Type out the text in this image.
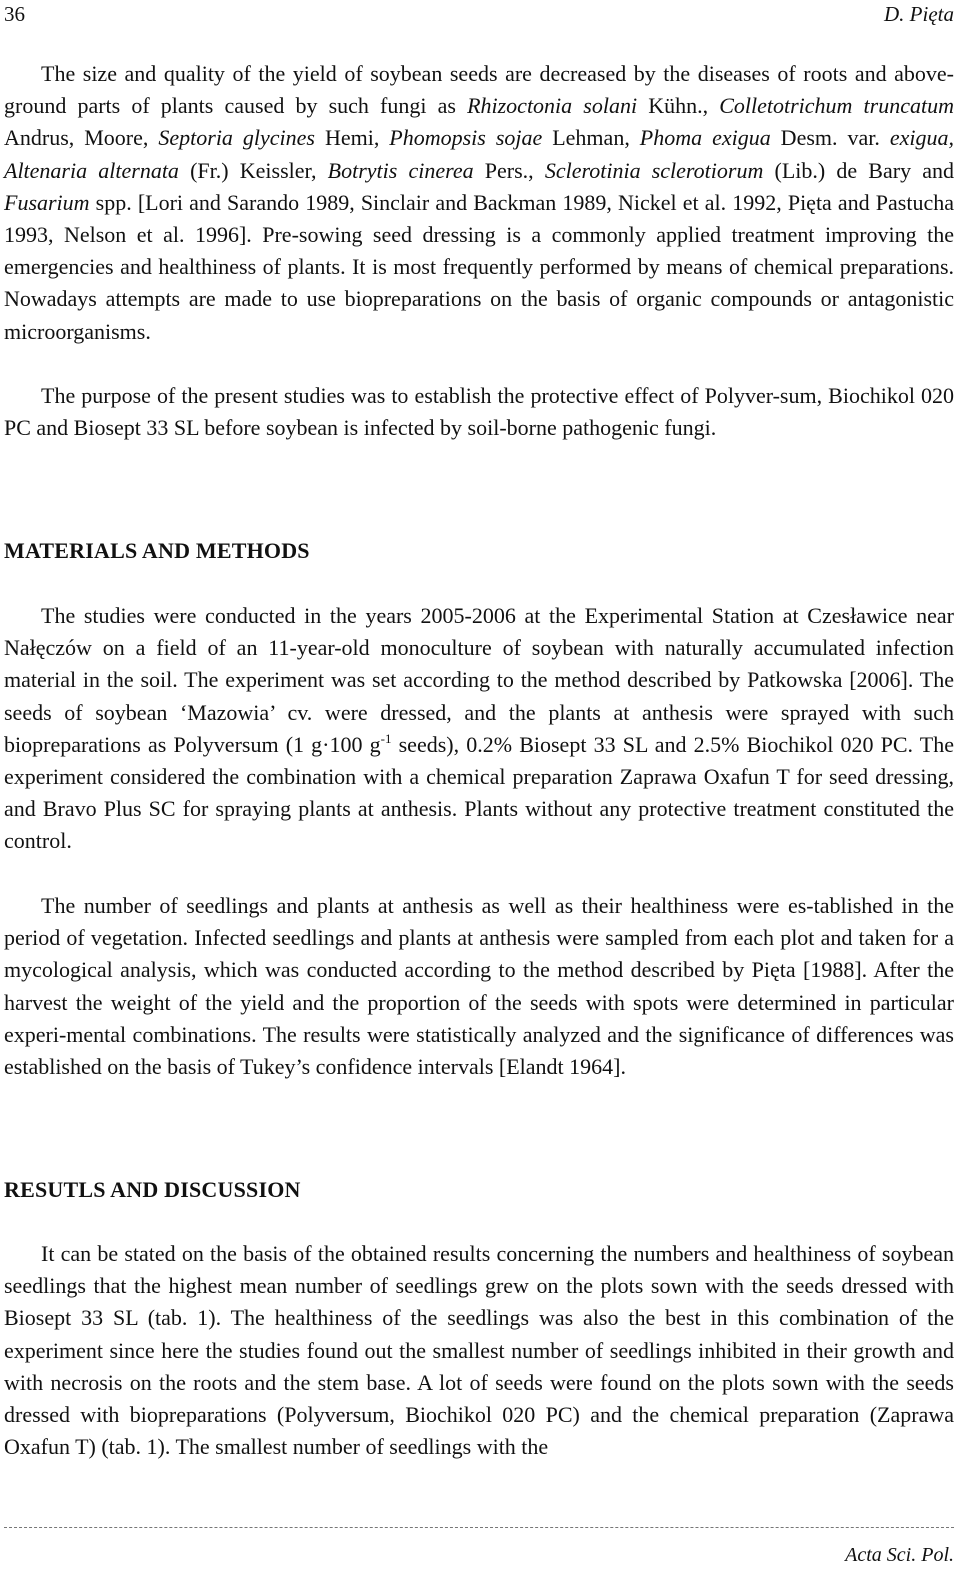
36	D. Pięta

The size and quality of the yield of soybean seeds are decreased by the diseases of roots and above-ground parts of plants caused by such fungi as Rhizoctonia solani Kühn., Colletotrichum truncatum Andrus, Moore, Septoria glycines Hemi, Phomopsis sojae Lehman, Phoma exigua Desm. var. exigua, Altenaria alternata (Fr.) Keissler, Botrytis cinerea Pers., Sclerotinia sclerotiorum (Lib.) de Bary and Fusarium spp. [Lori and Sarando 1989, Sinclair and Backman 1989, Nickel et al. 1992, Pięta and Pastucha 1993, Nelson et al. 1996]. Pre-sowing seed dressing is a commonly applied treatment improving the emergencies and healthiness of plants. It is most frequently performed by means of chemical preparations. Nowadays attempts are made to use biopreparations on the basis of organic compounds or antagonistic microorganisms.

The purpose of the present studies was to establish the protective effect of Polyver-sum, Biochikol 020 PC and Biosept 33 SL before soybean is infected by soil-borne pathogenic fungi.

MATERIALS AND METHODS

The studies were conducted in the years 2005-2006 at the Experimental Station at Czesławice near Nałęczów on a field of an 11-year-old monoculture of soybean with naturally accumulated infection material in the soil. The experiment was set according to the method described by Patkowska [2006]. The seeds of soybean ‘Mazowia’ cv. were dressed, and the plants at anthesis were sprayed with such biopreparations as Polyversum (1 g·100 $g^{-1}$ seeds), 0.2% Biosept 33 SL and 2.5% Biochikol 020 PC. The experiment considered the combination with a chemical preparation Zaprawa Oxafun T for seed dressing, and Bravo Plus SC for spraying plants at anthesis. Plants without any protective treatment constituted the control.

The number of seedlings and plants at anthesis as well as their healthiness were es-tablished in the period of vegetation. Infected seedlings and plants at anthesis were sampled from each plot and taken for a mycological analysis, which was conducted according to the method described by Pięta [1988]. After the harvest the weight of the yield and the proportion of the seeds with spots were determined in particular experi-mental combinations. The results were statistically analyzed and the significance of differences was established on the basis of Tukey’s confidence intervals [Elandt 1964].

RESUTLS AND DISCUSSION

It can be stated on the basis of the obtained results concerning the numbers and healthiness of soybean seedlings that the highest mean number of seedlings grew on the plots sown with the seeds dressed with Biosept 33 SL (tab. 1). The healthiness of the seedlings was also the best in this combination of the experiment since here the studies found out the smallest number of seedlings inhibited in their growth and with necrosis on the roots and the stem base. A lot of seeds were found on the plots sown with the seeds dressed with biopreparations (Polyversum, Biochikol 020 PC) and the chemical preparation (Zaprawa Oxafun T) (tab. 1). The smallest number of seedlings with the

Acta Sci. Pol.
